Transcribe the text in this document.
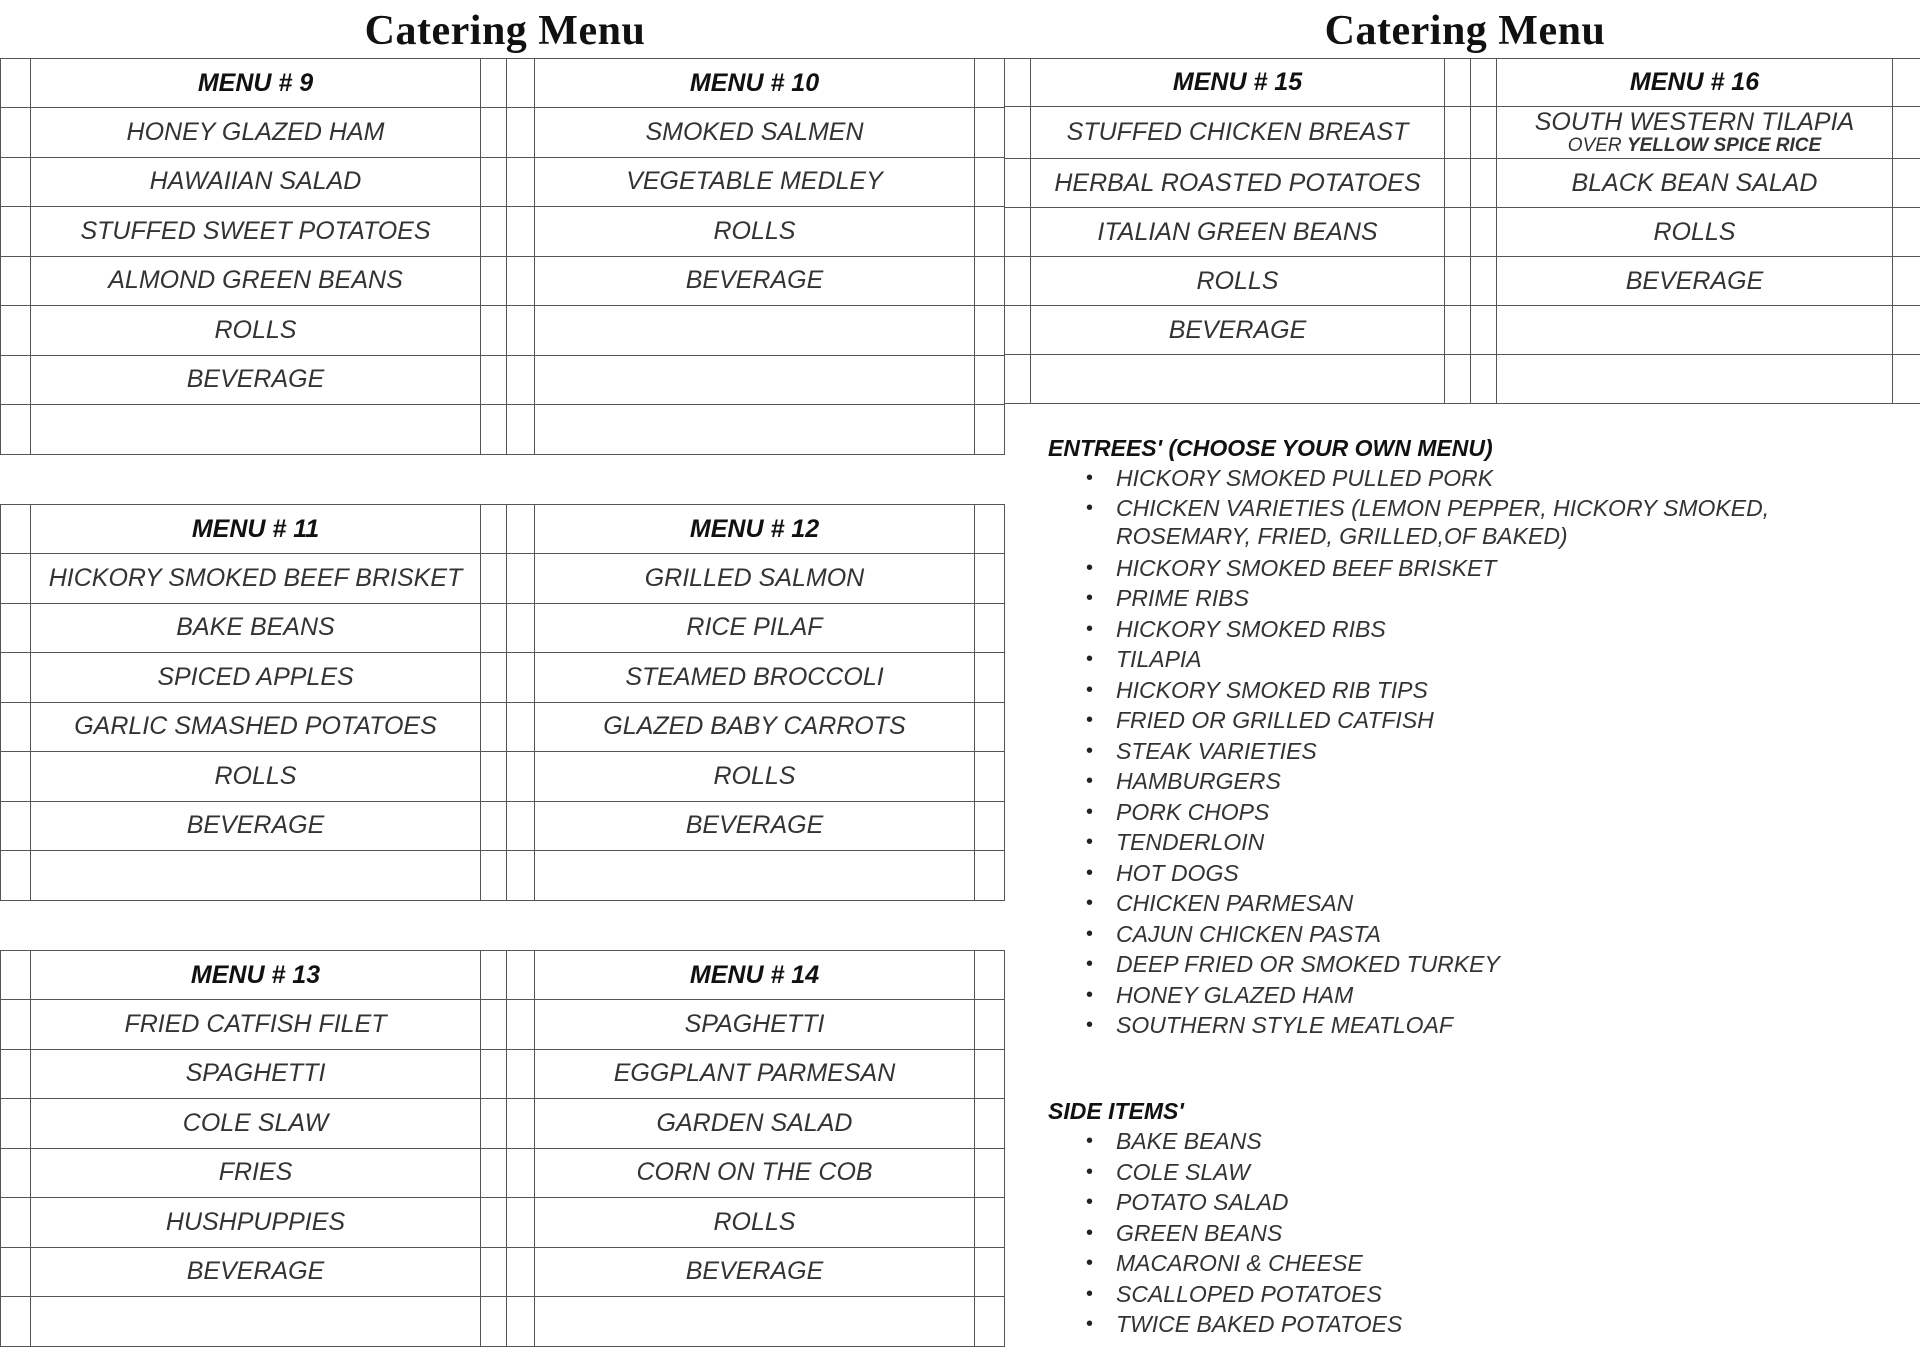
Catering Menu	Catering Menu
	MENU # 9			MENU # 10	
	HONEY GLAZED HAM			SMOKED SALMEN	
	HAWAIIAN SALAD			VEGETABLE MEDLEY	
	STUFFED SWEET POTATOES			ROLLS	
	ALMOND GREEN BEANS			BEVERAGE	
	ROLLS				
	BEVERAGE				

	MENU # 11			MENU # 12	
	HICKORY SMOKED BEEF BRISKET			GRILLED SALMON	
	BAKE BEANS			RICE PILAF	
	SPICED APPLES			STEAMED BROCCOLI	
	GARLIC SMASHED POTATOES			GLAZED BABY CARROTS	
	ROLLS			ROLLS	
	BEVERAGE			BEVERAGE	

	MENU # 13			MENU # 14	
	FRIED CATFISH FILET			SPAGHETTI	
	SPAGHETTI			EGGPLANT PARMESAN	
	COLE SLAW			GARDEN SALAD	
	FRIES			CORN ON THE COB	
	HUSHPUPPIES			ROLLS	
	BEVERAGE			BEVERAGE	

	MENU # 15			MENU # 16	
	STUFFED CHICKEN BREAST			SOUTH WESTERN TILAPIA
OVER YELLOW SPICE RICE	

	HERBAL ROASTED POTATOES			BLACK BEAN SALAD	
	ITALIAN GREEN BEANS			ROLLS	
	ROLLS			BEVERAGE	
	BEVERAGE				

ENTREES' (CHOOSE YOUR OWN MENU)
• HICKORY SMOKED PULLED PORK
• CHICKEN VARIETIES (LEMON PEPPER, HICKORY SMOKED,
ROSEMARY, FRIED, GRILLED,OF BAKED)
• HICKORY SMOKED BEEF BRISKET
• PRIME RIBS
• HICKORY SMOKED RIBS
• TILAPIA
• HICKORY SMOKED RIB TIPS
• FRIED OR GRILLED CATFISH
• STEAK VARIETIES
• HAMBURGERS
• PORK CHOPS
• TENDERLOIN
• HOT DOGS
• CHICKEN PARMESAN
• CAJUN CHICKEN PASTA
• DEEP FRIED OR SMOKED TURKEY
• HONEY GLAZED HAM
• SOUTHERN STYLE MEATLOAF
SIDE ITEMS'
• BAKE BEANS
• COLE SLAW
• POTATO SALAD
• GREEN BEANS
• MACARONI & CHEESE
• SCALLOPED POTATOES
• TWICE BAKED POTATOES
